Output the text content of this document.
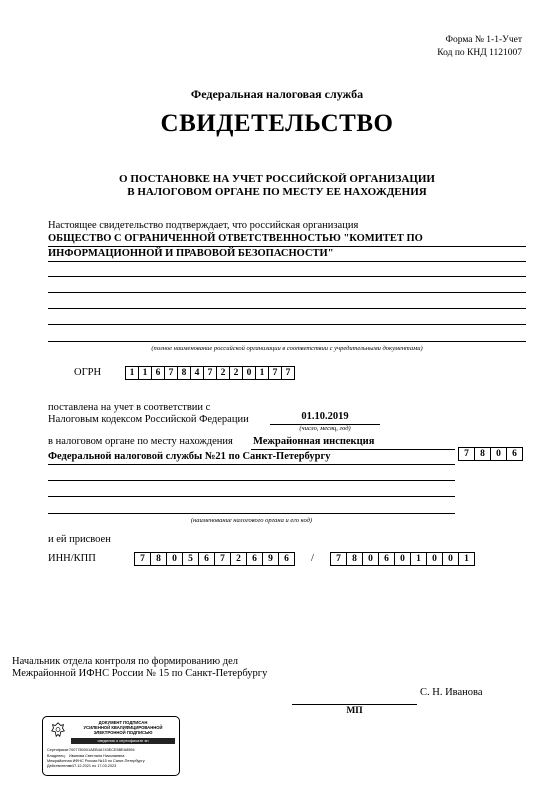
Форма № 1-1-Учет
Код по КНД 1121007
Федеральная налоговая служба
СВИДЕТЕЛЬСТВО
О ПОСТАНОВКЕ НА УЧЕТ РОССИЙСКОЙ ОРГАНИЗАЦИИ
В НАЛОГОВОМ ОРГАНЕ ПО МЕСТУ ЕЕ НАХОЖДЕНИЯ
Настоящее свидетельство подтверждает, что российская организация
ОБЩЕСТВО С ОГРАНИЧЕННОЙ ОТВЕТСТВЕННОСТЬЮ "КОМИТЕТ ПО
ИНФОРМАЦИОННОЙ И ПРАВОВОЙ БЕЗОПАСНОСТИ"
(полное наименование российской организации в соответствии с учредительными документами)
ОГРН	1 1 6 7 8 4 7 2 2 0 1 7 7
поставлена на учет в соответствии с
Налоговым кодексом Российской Федерации	01.10.2019
(число, месяц, год)
в налоговом органе по месту нахождения Межрайонная инспекция
Федеральной налоговой службы №21 по Санкт-Петербургу	7	8	0	6
(наименование налогового органа и его код)
и ей присвоен
ИНН/КПП	7	8	0	5	6	7	2	6	9	6	/	7	8	0	6	0	1	0	0	1
Начальник отдела контроля по формированию дел
Межрайонной ИФНС России № 15 по Санкт-Петербургу
С. Н. Иванова
МП
ДОКУМЕНТ ПОДПИСАН
УСИЛЕННОЙ КВАЛИФИЦИРОВАННОЙ
ЭЛЕКТРОННОЙ ПОДПИСЬЮ
сведения о сертификате эп
Сертификат: 7007780001АЕВ4А743ЕСЕ5ВЕА8594
Владелец: Иванова Светлана Николаевна
Межрайонная ИФНС России №15 по Санкт-Петербургу
Действителен:
с 17.12.2021 по 17.03.2023
